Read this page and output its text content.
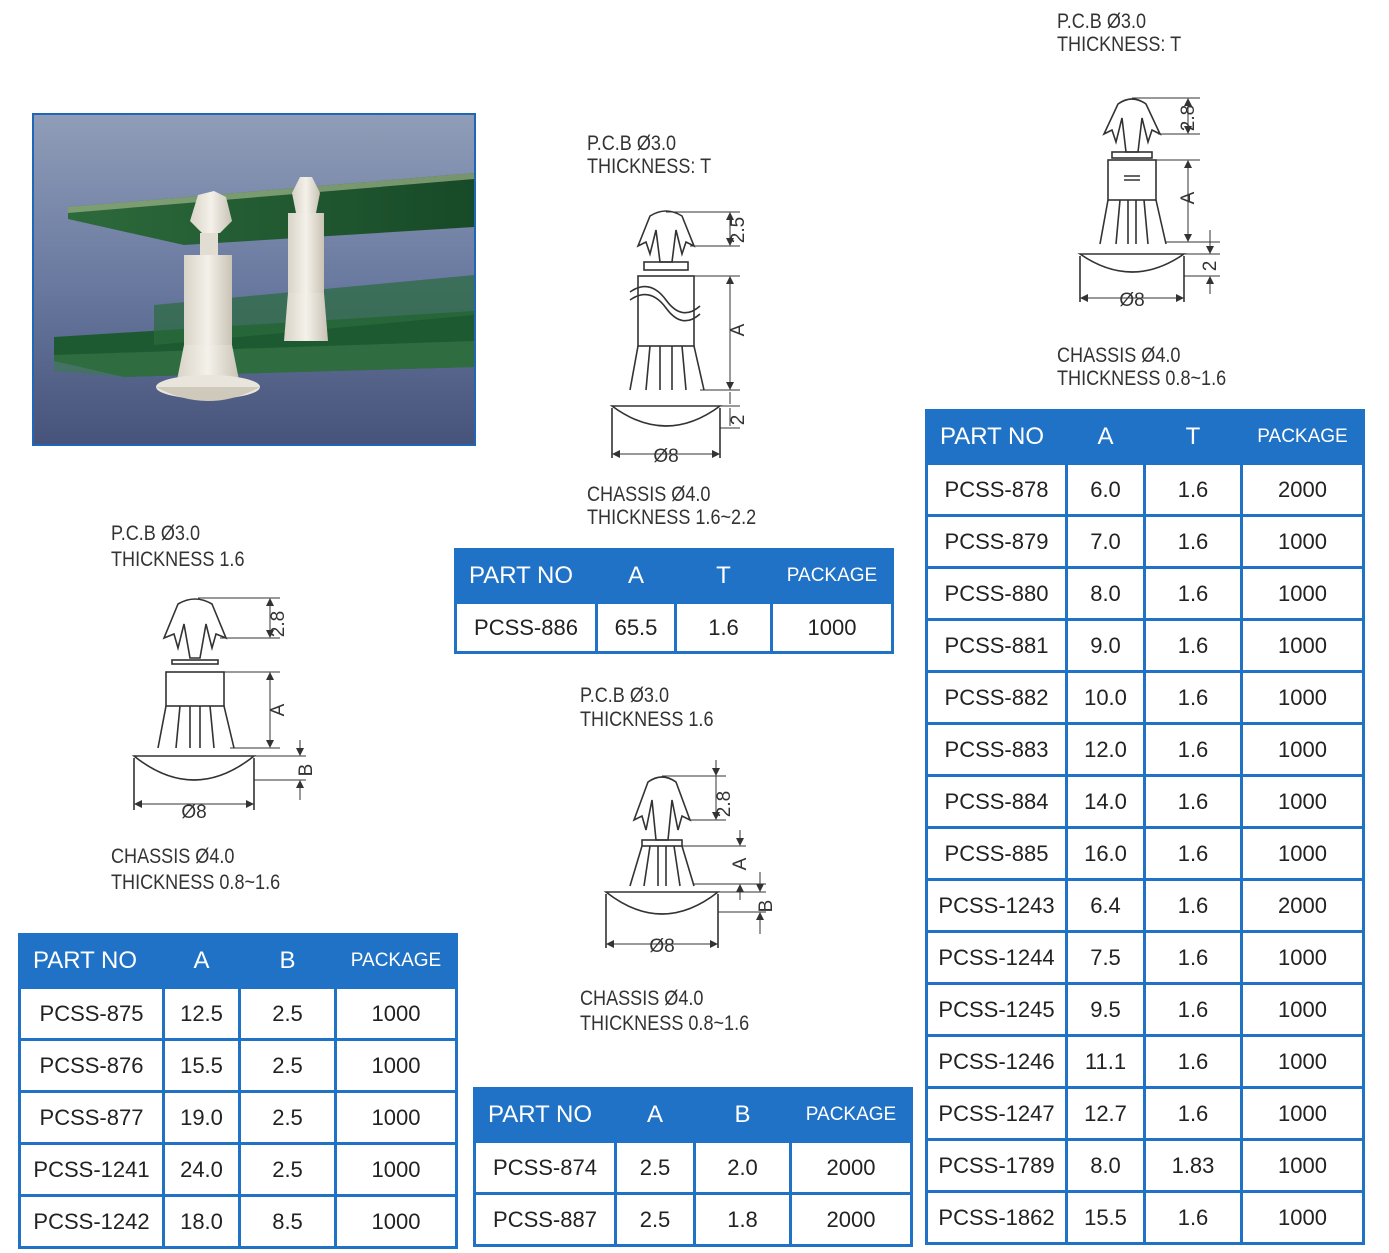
P.C.B Ø3.0
THICKNESS 1.6
2.8
A
B
Ø8
CHASSIS Ø4.0
THICKNESS 0.8~1.6
P.C.B Ø3.0
THICKNESS: T
2.5
A
2
Ø8
CHASSIS Ø4.0
THICKNESS 1.6~2.2
P.C.B Ø3.0
THICKNESS 1.6
2.8
A
B
Ø8
CHASSIS Ø4.0
THICKNESS 0.8~1.6
P.C.B Ø3.0
THICKNESS: T
2.8
A
2
Ø8
CHASSIS Ø4.0
THICKNESS 0.8~1.6
PART NO	A	B	PACKAGE
PCSS-875	12.5	2.5	1000
PCSS-876	15.5	2.5	1000
PCSS-877	19.0	2.5	1000
PCSS-1241	24.0	2.5	1000
PCSS-1242	18.0	8.5	1000
PART NO	A	T	PACKAGE
PCSS-886	65.5	1.6	1000
PART NO	A	B	PACKAGE
PCSS-874	2.5	2.0	2000
PCSS-887	2.5	1.8	2000
PART NO	A	T	PACKAGE
PCSS-878	6.0	1.6	2000
PCSS-879	7.0	1.6	1000
PCSS-880	8.0	1.6	1000
PCSS-881	9.0	1.6	1000
PCSS-882	10.0	1.6	1000
PCSS-883	12.0	1.6	1000
PCSS-884	14.0	1.6	1000
PCSS-885	16.0	1.6	1000
PCSS-1243	6.4	1.6	2000
PCSS-1244	7.5	1.6	1000
PCSS-1245	9.5	1.6	1000
PCSS-1246	11.1	1.6	1000
PCSS-1247	12.7	1.6	1000
PCSS-1789	8.0	1.83	1000
PCSS-1862	15.5	1.6	1000
